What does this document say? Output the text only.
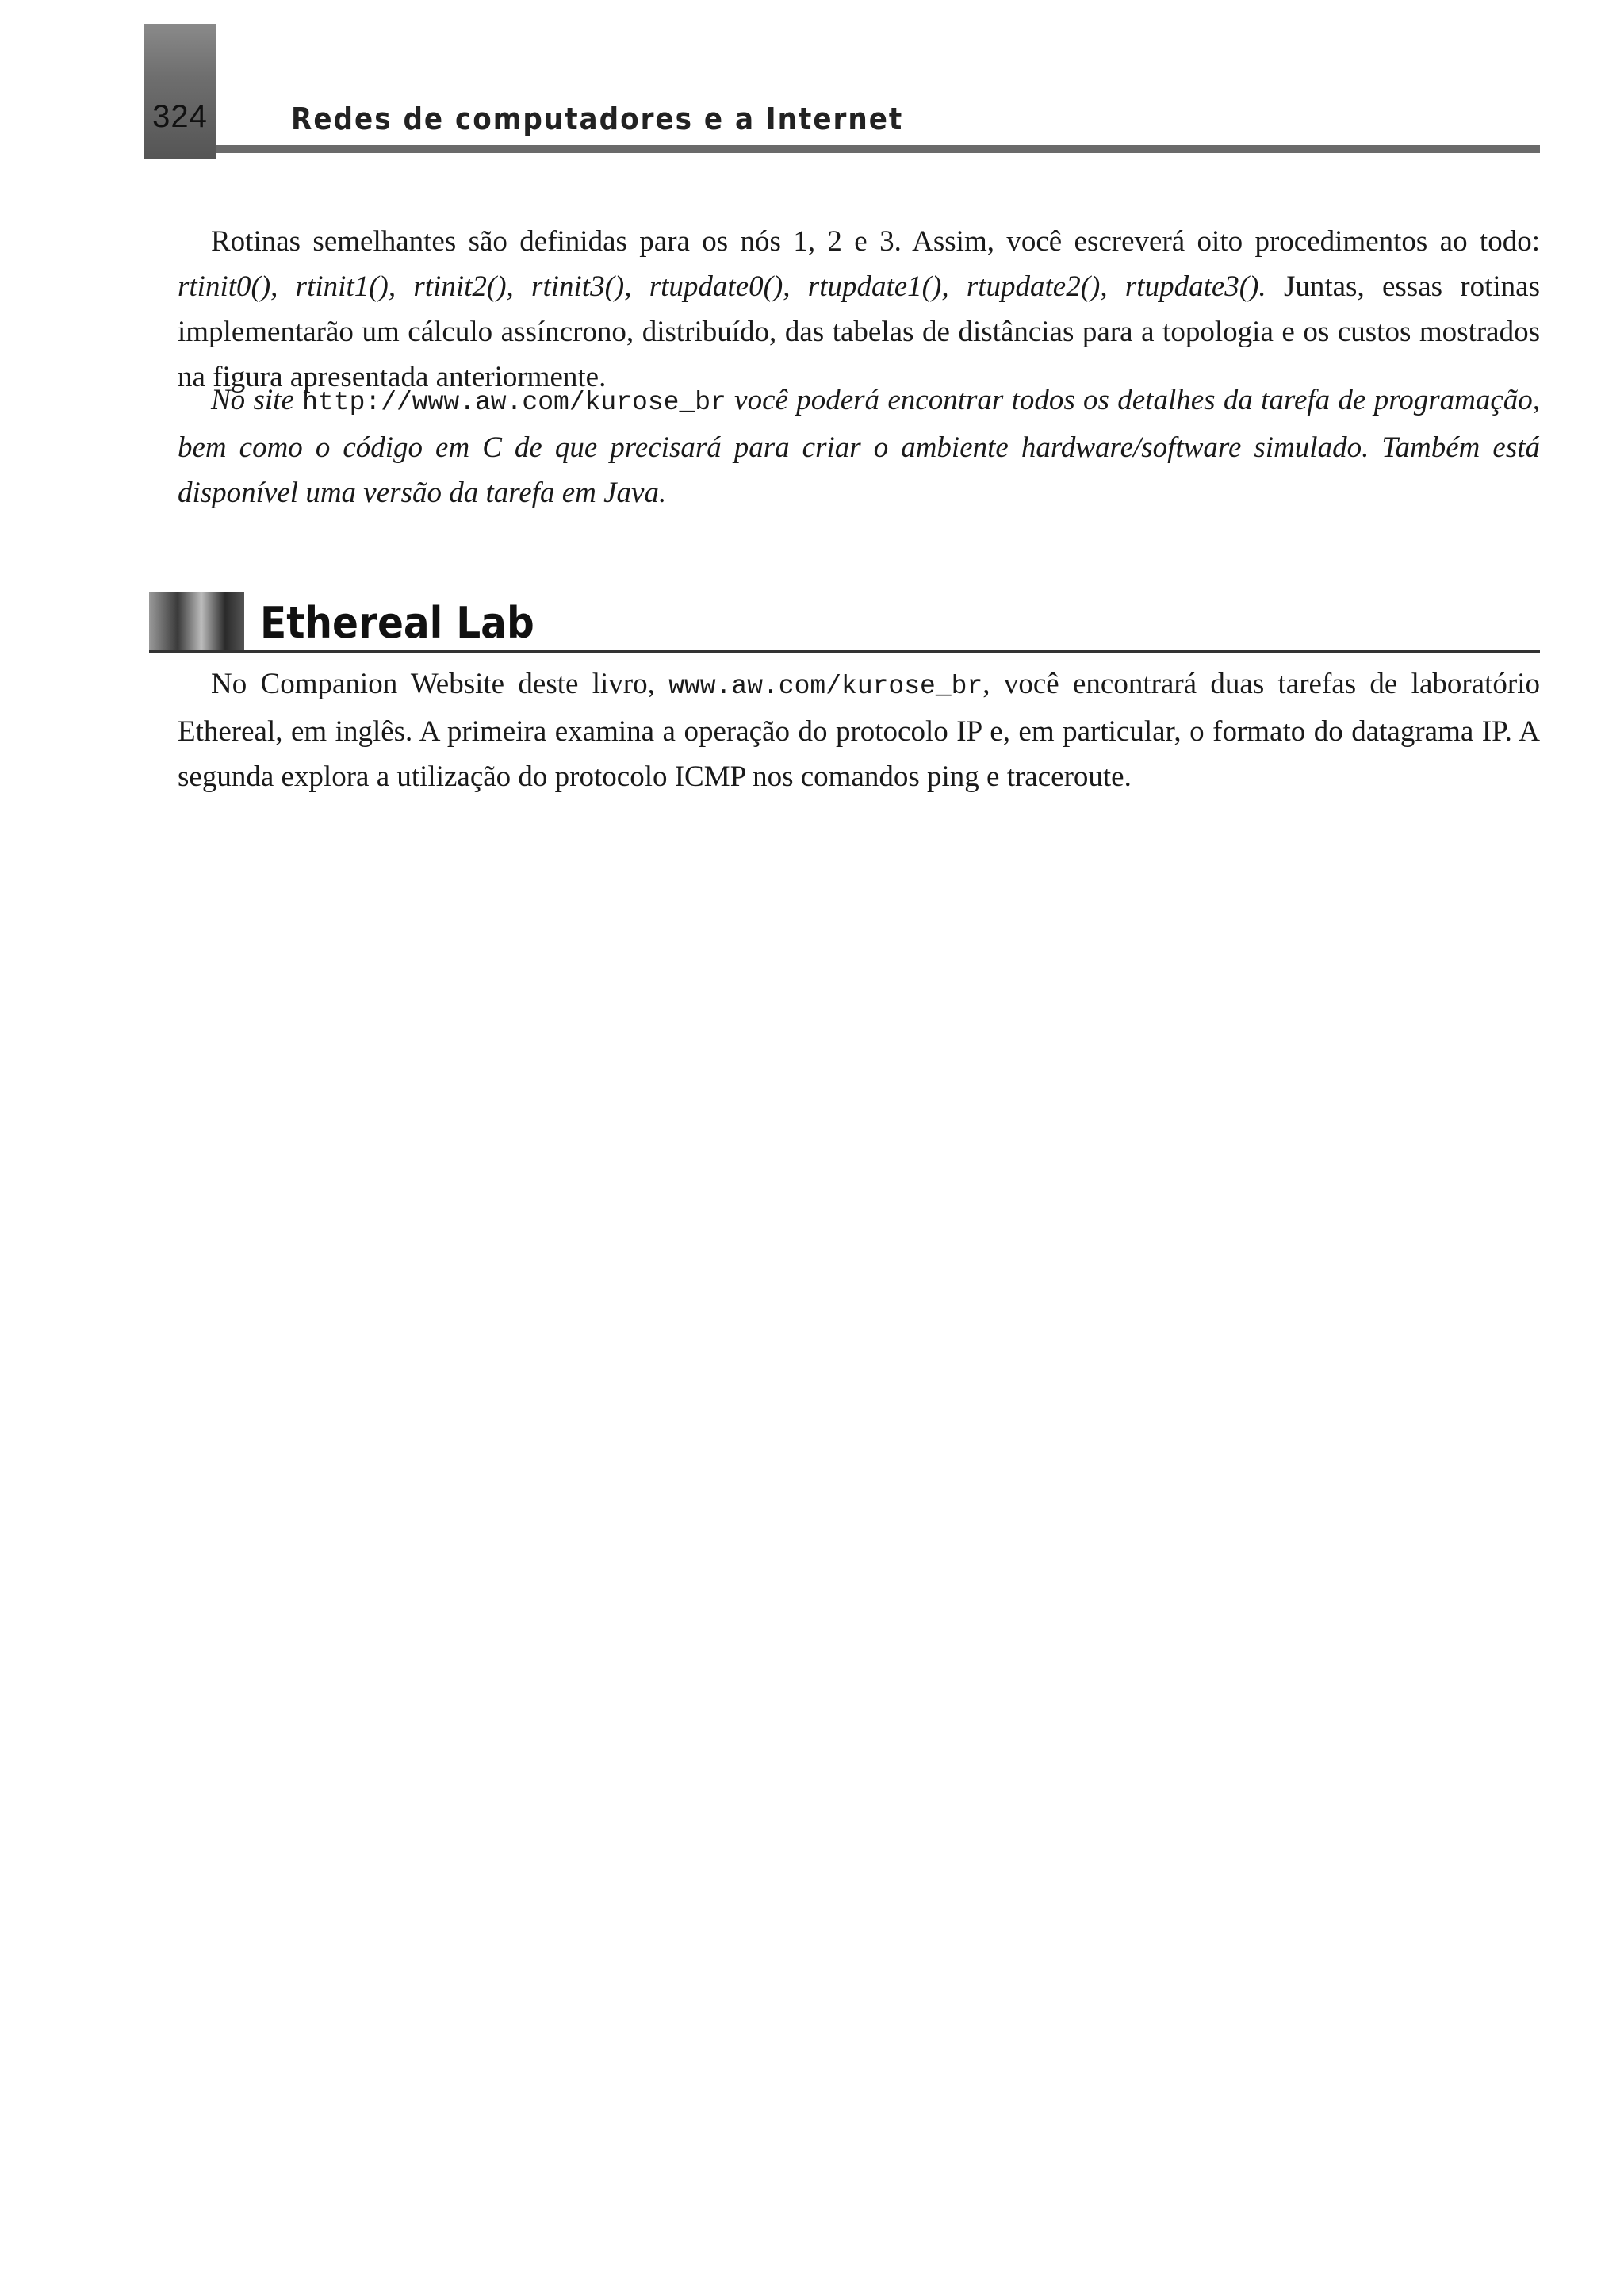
324	Redes de computadores e a Internet

Rotinas semelhantes são definidas para os nós 1, 2 e 3. Assim, você escreverá oito procedimentos ao todo: rtinit0(), rtinit1(), rtinit2(), rtinit3(), rtupdate0(), rtupdate1(), rtupdate2(), rtupdate3(). Juntas, essas rotinas implementarão um cálculo assíncrono, distribuído, das tabelas de distâncias para a topologia e os custos mostrados na figura apresentada anteriormente.

No site http://www.aw.com/kurose_br você poderá encontrar todos os detalhes da tarefa de programação, bem como o código em C de que precisará para criar o ambiente hardware/software simulado. Também está disponível uma versão da tarefa em Java.

Ethereal Lab

No Companion Website deste livro, www.aw.com/kurose_br, você encontrará duas tarefas de laboratório Ethereal, em inglês. A primeira examina a operação do protocolo IP e, em particular, o formato do datagrama IP. A segunda explora a utilização do protocolo ICMP nos comandos ping e traceroute.
